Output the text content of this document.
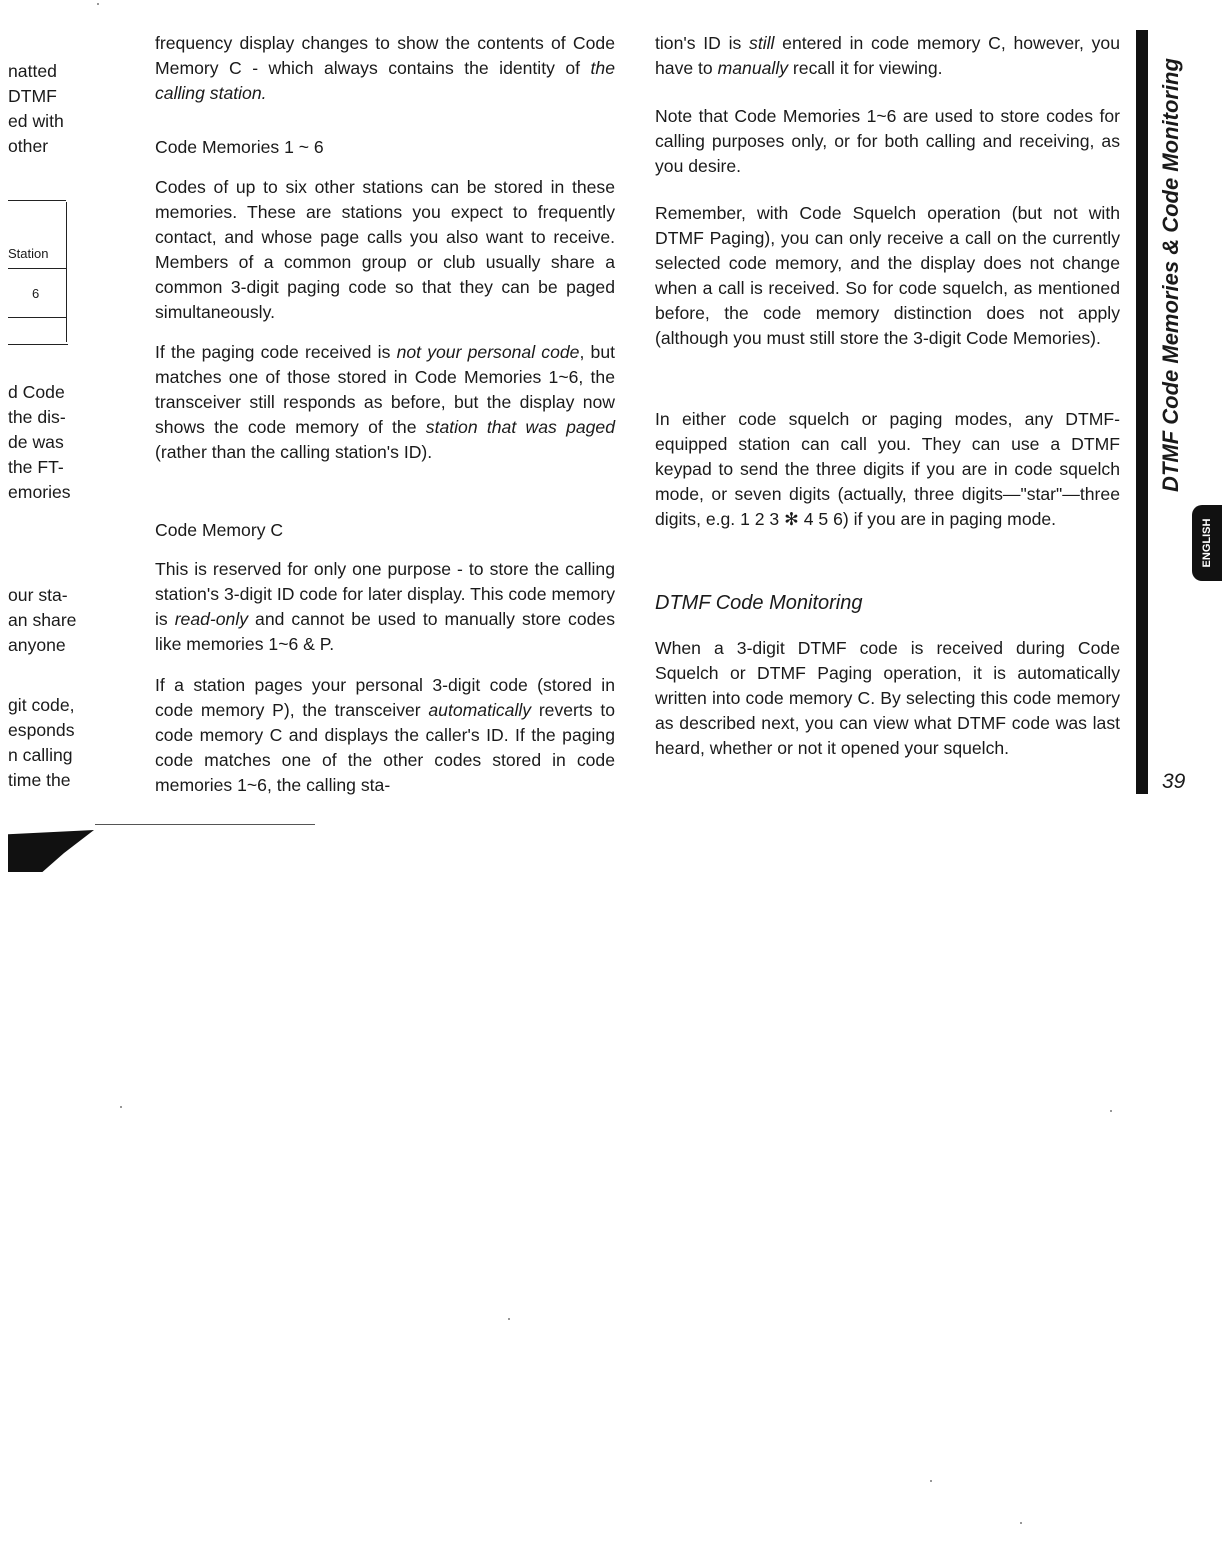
natted
DTMF
ed with
other
Station
6
d Code
the dis-
de was
the FT-
emories
our sta-
an share
anyone
git code,
esponds
n calling
time the
frequency display changes to show the contents of Code Memory C - which always contains the identity of the calling station.
Code Memories 1 ~ 6
Codes of up to six other stations can be stored in these memories. These are stations you expect to frequently contact, and whose page calls you also want to receive. Members of a common group or club usually share a common 3-digit paging code so that they can be paged simultaneously.
If the paging code received is not your personal code, but matches one of those stored in Code Memories 1~6, the transceiver still responds as before, but the display now shows the code memory of the station that was paged (rather than the calling station's ID).
Code Memory C
This is reserved for only one purpose - to store the calling station's 3-digit ID code for later display. This code memory is read-only and cannot be used to manually store codes like memories 1~6 & P.
If a station pages your personal 3-digit code (stored in code memory P), the transceiver automatically reverts to code memory C and displays the caller's ID. If the paging code matches one of the other codes stored in code memories 1~6, the calling sta-
tion's ID is still entered in code memory C, however, you have to manually recall it for viewing.
Note that Code Memories 1~6 are used to store codes for calling purposes only, or for both calling and receiving, as you desire.
Remember, with Code Squelch operation (but not with DTMF Paging), you can only receive a call on the currently selected code memory, and the display does not change when a call is received. So for code squelch, as mentioned before, the code memory distinction does not apply (although you must still store the 3-digit Code Memories).
In either code squelch or paging modes, any DTMF-equipped station can call you. They can use a DTMF keypad to send the three digits if you are in code squelch mode, or seven digits (actually, three digits—"star"—three digits, e.g. 1 2 3 ✻ 4 5 6) if you are in paging mode.
DTMF Code Monitoring
When a 3-digit DTMF code is received during Code Squelch or DTMF Paging operation, it is automatically written into code memory C. By selecting this code memory as described next, you can view what DTMF code was last heard, whether or not it opened your squelch.
DTMF Code Memories & Code Monitoring
ENGLISH
39
